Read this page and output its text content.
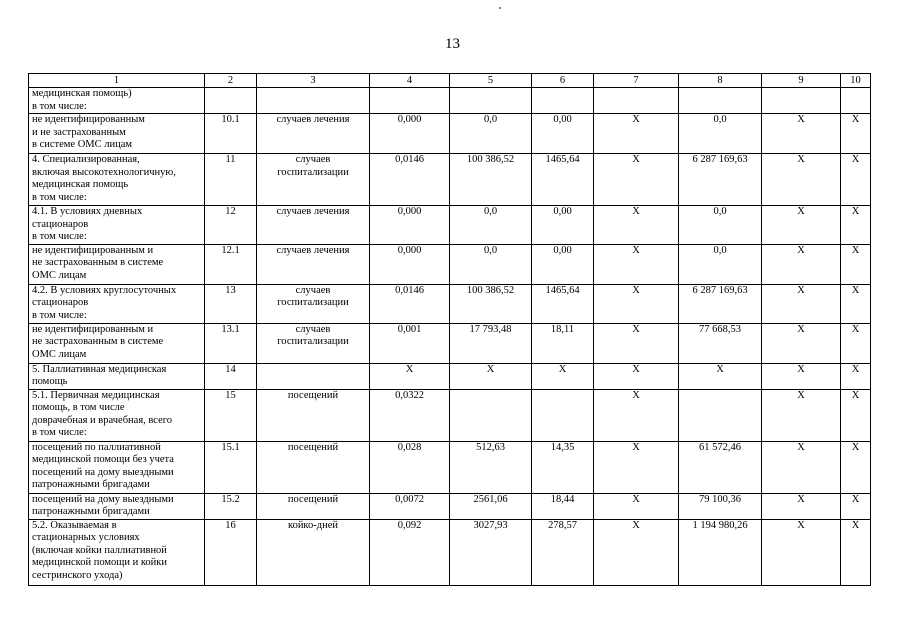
13
1	2	3	4	5	6	7	8	9	10
медицинская помощь)
в том числе:									
не идентифицированным
и не застрахованным
в системе ОМС лицам	10.1	случаев лечения	0,000	0,0	0,00	X	0,0	X	X
4. Специализированная,
включая высокотехнологичную,
медицинская помощь
в том числе:	11	случаев
госпитализации	0,0146	100 386,52	1465,64	X	6 287 169,63	X	X
4.1. В условиях дневных
стационаров
в том числе:	12	случаев лечения	0,000	0,0	0,00	X	0,0	X	X
не идентифицированным и
не застрахованным в системе
ОМС лицам	12.1	случаев лечения	0,000	0,0	0,00	X	0,0	X	X
4.2. В условиях круглосуточных
стационаров
в том числе:	13	случаев
госпитализации	0,0146	100 386,52	1465,64	X	6 287 169,63	X	X
не идентифицированным и
не застрахованным в системе
ОМС лицам	13.1	случаев
госпитализации	0,001	17 793,48	18,11	X	77 668,53	X	X
5. Паллиативная медицинская
помощь	14		X	X	X	X	X	X	X
5.1. Первичная медицинская
помощь, в том числе
доврачебная и врачебная, всего
в том числе:	15	посещений	0,0322			X		X	X
посещений по паллиативной
медицинской помощи без учета
посещений на дому выездными
патронажными бригадами	15.1	посещений	0,028	512,63	14,35	X	61 572,46	X	X
посещений на дому выездными
патронажными бригадами	15.2	посещений	0,0072	2561,06	18,44	X	79 100,36	X	X
5.2. Оказываемая в
стационарных условиях
(включая койки паллиативной
медицинской помощи и койки
сестринского ухода)	16	койко-дней	0,092	3027,93	278,57	X	1 194 980,26	X	X
